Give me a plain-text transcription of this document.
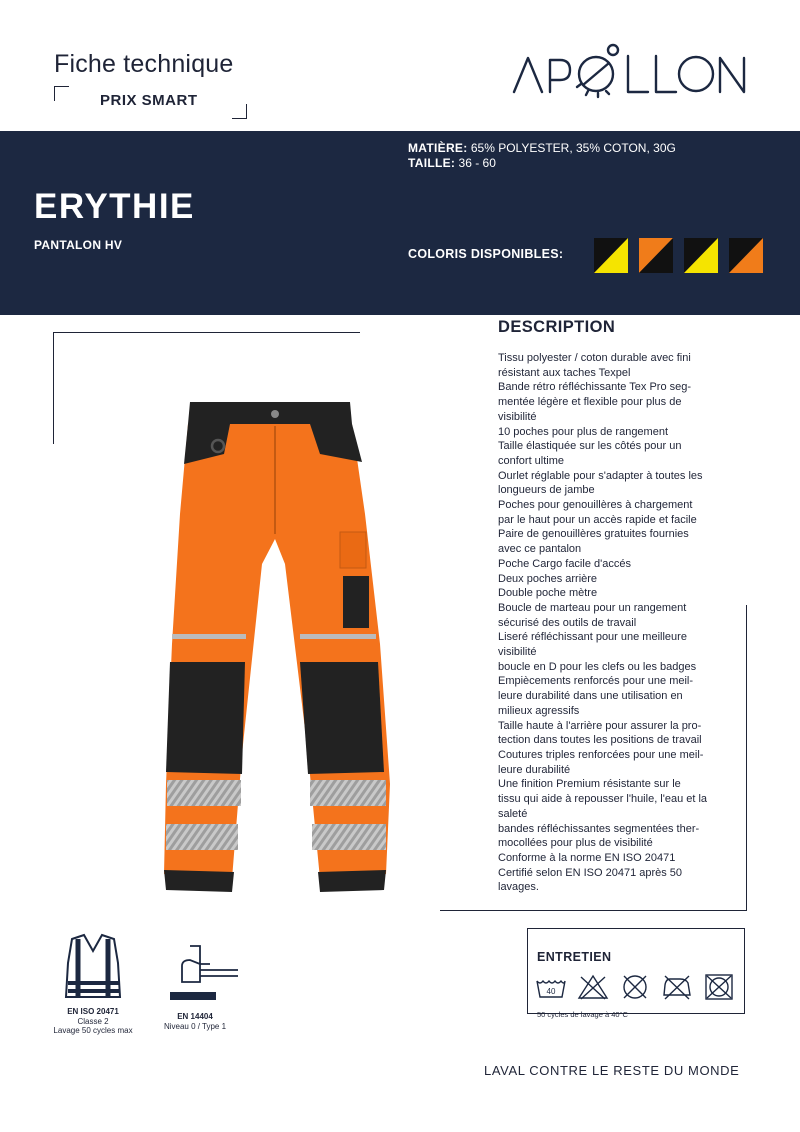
Fiche technique
PRIX SMART
MATIÈRE: 65% POLYESTER, 35% COTON, 30G
TAILLE: 36 - 60
ERYTHIE
PANTALON HV
COLORIS DISPONIBLES:
DESCRIPTION
Tissu polyester / coton durable avec fini
résistant aux taches Texpel
Bande rétro réfléchissante Tex Pro seg-
mentée légère et flexible pour plus de
visibilité
10 poches pour plus de rangement
Taille élastiquée sur les côtés pour un
confort ultime
Ourlet réglable pour s'adapter à toutes les
longueurs de jambe
Poches pour genouillères à chargement
par le haut pour un accès rapide et facile
Paire de genouillères gratuites fournies
avec ce pantalon
Poche Cargo facile d'accés
Deux poches arrière
Double poche mètre
Boucle de marteau pour un rangement
sécurisé des outils de travail
Liseré réfléchissant pour une meilleure
visibilité
boucle en D pour les clefs ou les badges
Empiècements renforcés pour une meil-
leure durabilité dans une utilisation en
milieux agressifs
Taille haute à l'arrière pour assurer la pro-
tection dans toutes les positions de travail
Coutures triples renforcées pour une meil-
leure durabilité
Une finition Premium résistante sur le
tissu qui aide à repousser l'huile, l'eau et la
saleté
bandes réfléchissantes segmentées ther-
mocollées pour plus de visibilité
Conforme à la norme EN ISO 20471
Certifié selon EN ISO 20471 après 50
lavages.
EN ISO 20471
Classe 2
Lavage 50 cycles max
EN 14404
Niveau 0 / Type 1
ENTRETIEN
40
50 cycles de lavage à 40°C
LAVAL CONTRE LE RESTE DU MONDE
